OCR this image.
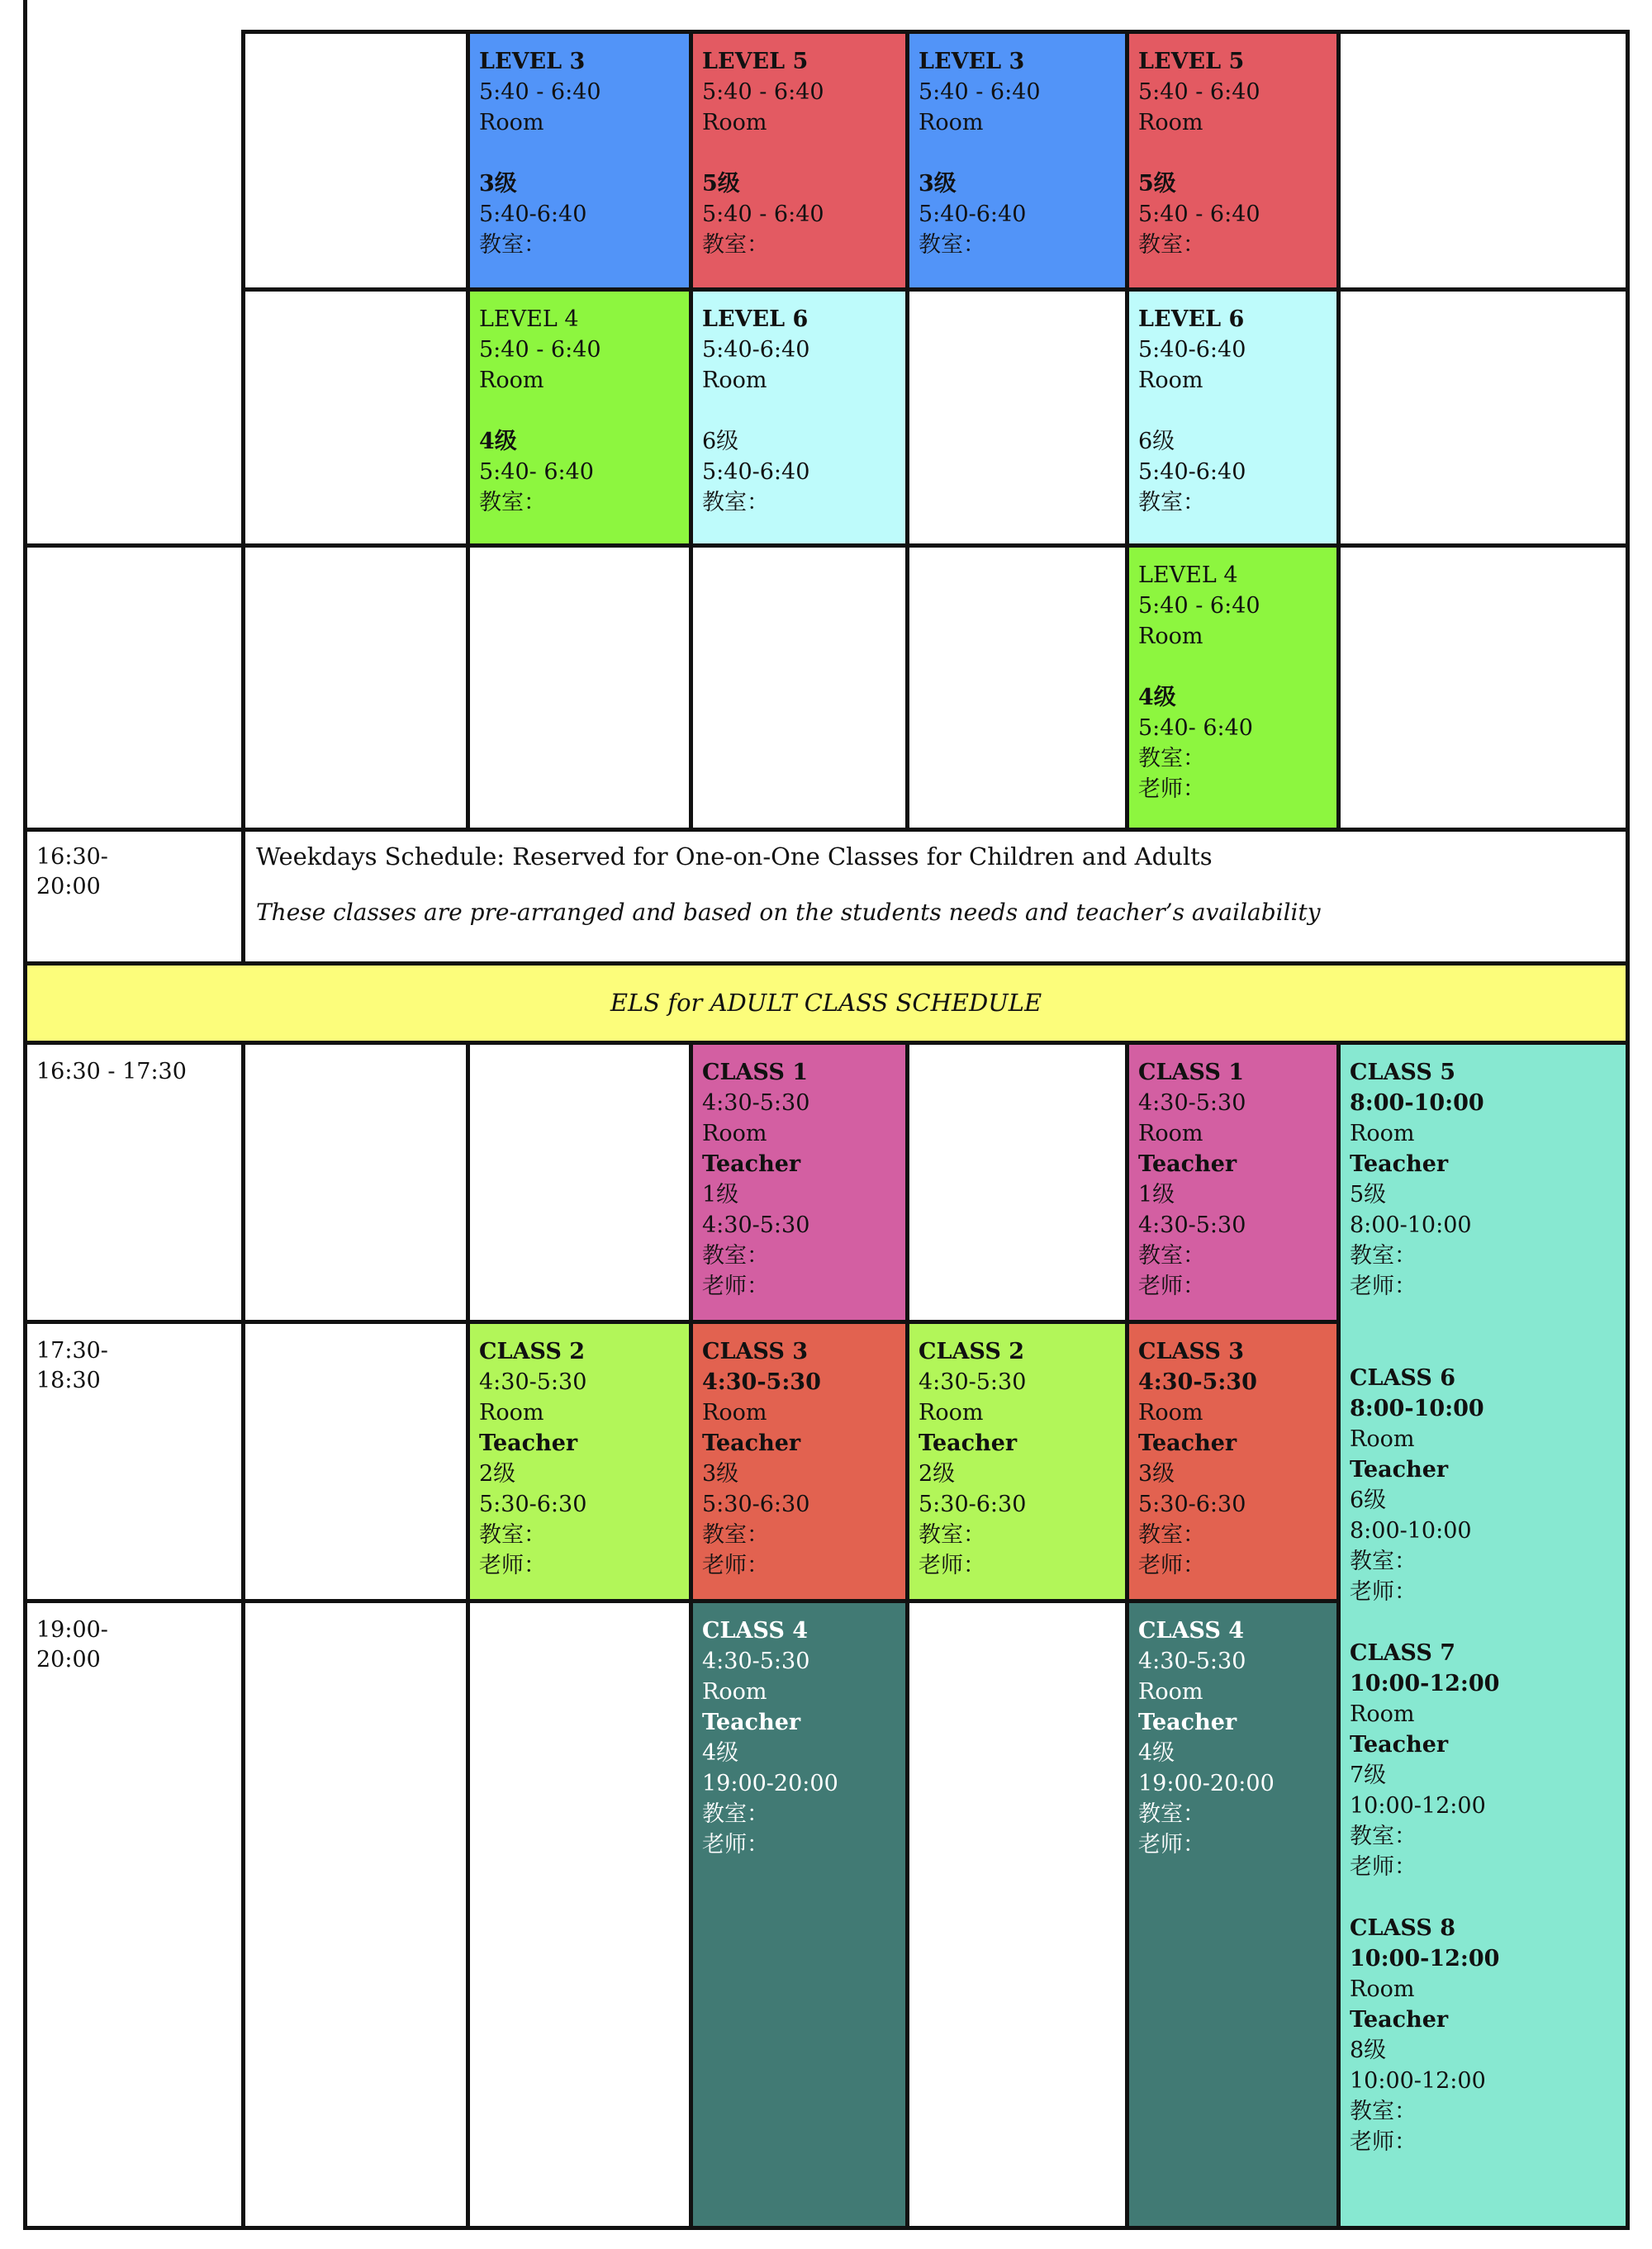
LEVEL 3
5:40 - 6:40
Room
3级
5:40-6:40
教室：
LEVEL 5
5:40 - 6:40
Room
5级
5:40 - 6:40
教室：
LEVEL 3
5:40 - 6:40
Room
3级
5:40-6:40
教室：
LEVEL 5
5:40 - 6:40
Room
5级
5:40 - 6:40
教室：
LEVEL 4
5:40 - 6:40
Room
4级
5:40- 6:40
教室：
LEVEL 6
5:40-6:40
Room
6级
5:40-6:40
教室：
LEVEL 6
5:40-6:40
Room
6级
5:40-6:40
教室：
LEVEL 4
5:40 - 6:40
Room
4级
5:40- 6:40
教室：
老师：
CLASS 1
4:30-5:30
Room
Teacher
1级
4:30-5:30
教室：
老师：
CLASS 1
4:30-5:30
Room
Teacher
1级
4:30-5:30
教室：
老师：
CLASS 2
4:30-5:30
Room
Teacher
2级
5:30-6:30
教室：
老师：
CLASS 3
4:30-5:30
Room
Teacher
3级
5:30-6:30
教室：
老师：
CLASS 2
4:30-5:30
Room
Teacher
2级
5:30-6:30
教室：
老师：
CLASS 3
4:30-5:30
Room
Teacher
3级
5:30-6:30
教室：
老师：
CLASS 4
4:30-5:30
Room
Teacher
4级
19:00-20:00
教室：
老师：
CLASS 4
4:30-5:30
Room
Teacher
4级
19:00-20:00
教室：
老师：
CLASS 5
8:00-10:00
Room
Teacher
5级
8:00-10:00
教室：
老师：
CLASS 6
8:00-10:00
Room
Teacher
6级
8:00-10:00
教室：
老师：
CLASS 7
10:00-12:00
Room
Teacher
7级
10:00-12:00
教室：
老师：
CLASS 8
10:00-12:00
Room
Teacher
8级
10:00-12:00
教室：
老师：
16:30-
20:00
16:30 - 17:30
17:30-
18:30
19:00-
20:00
Weekdays Schedule: Reserved for One-on-One Classes for Children and Adults
These classes are pre-arranged and based on the students needs and teacher’s availability
ELS for ADULT CLASS SCHEDULE
